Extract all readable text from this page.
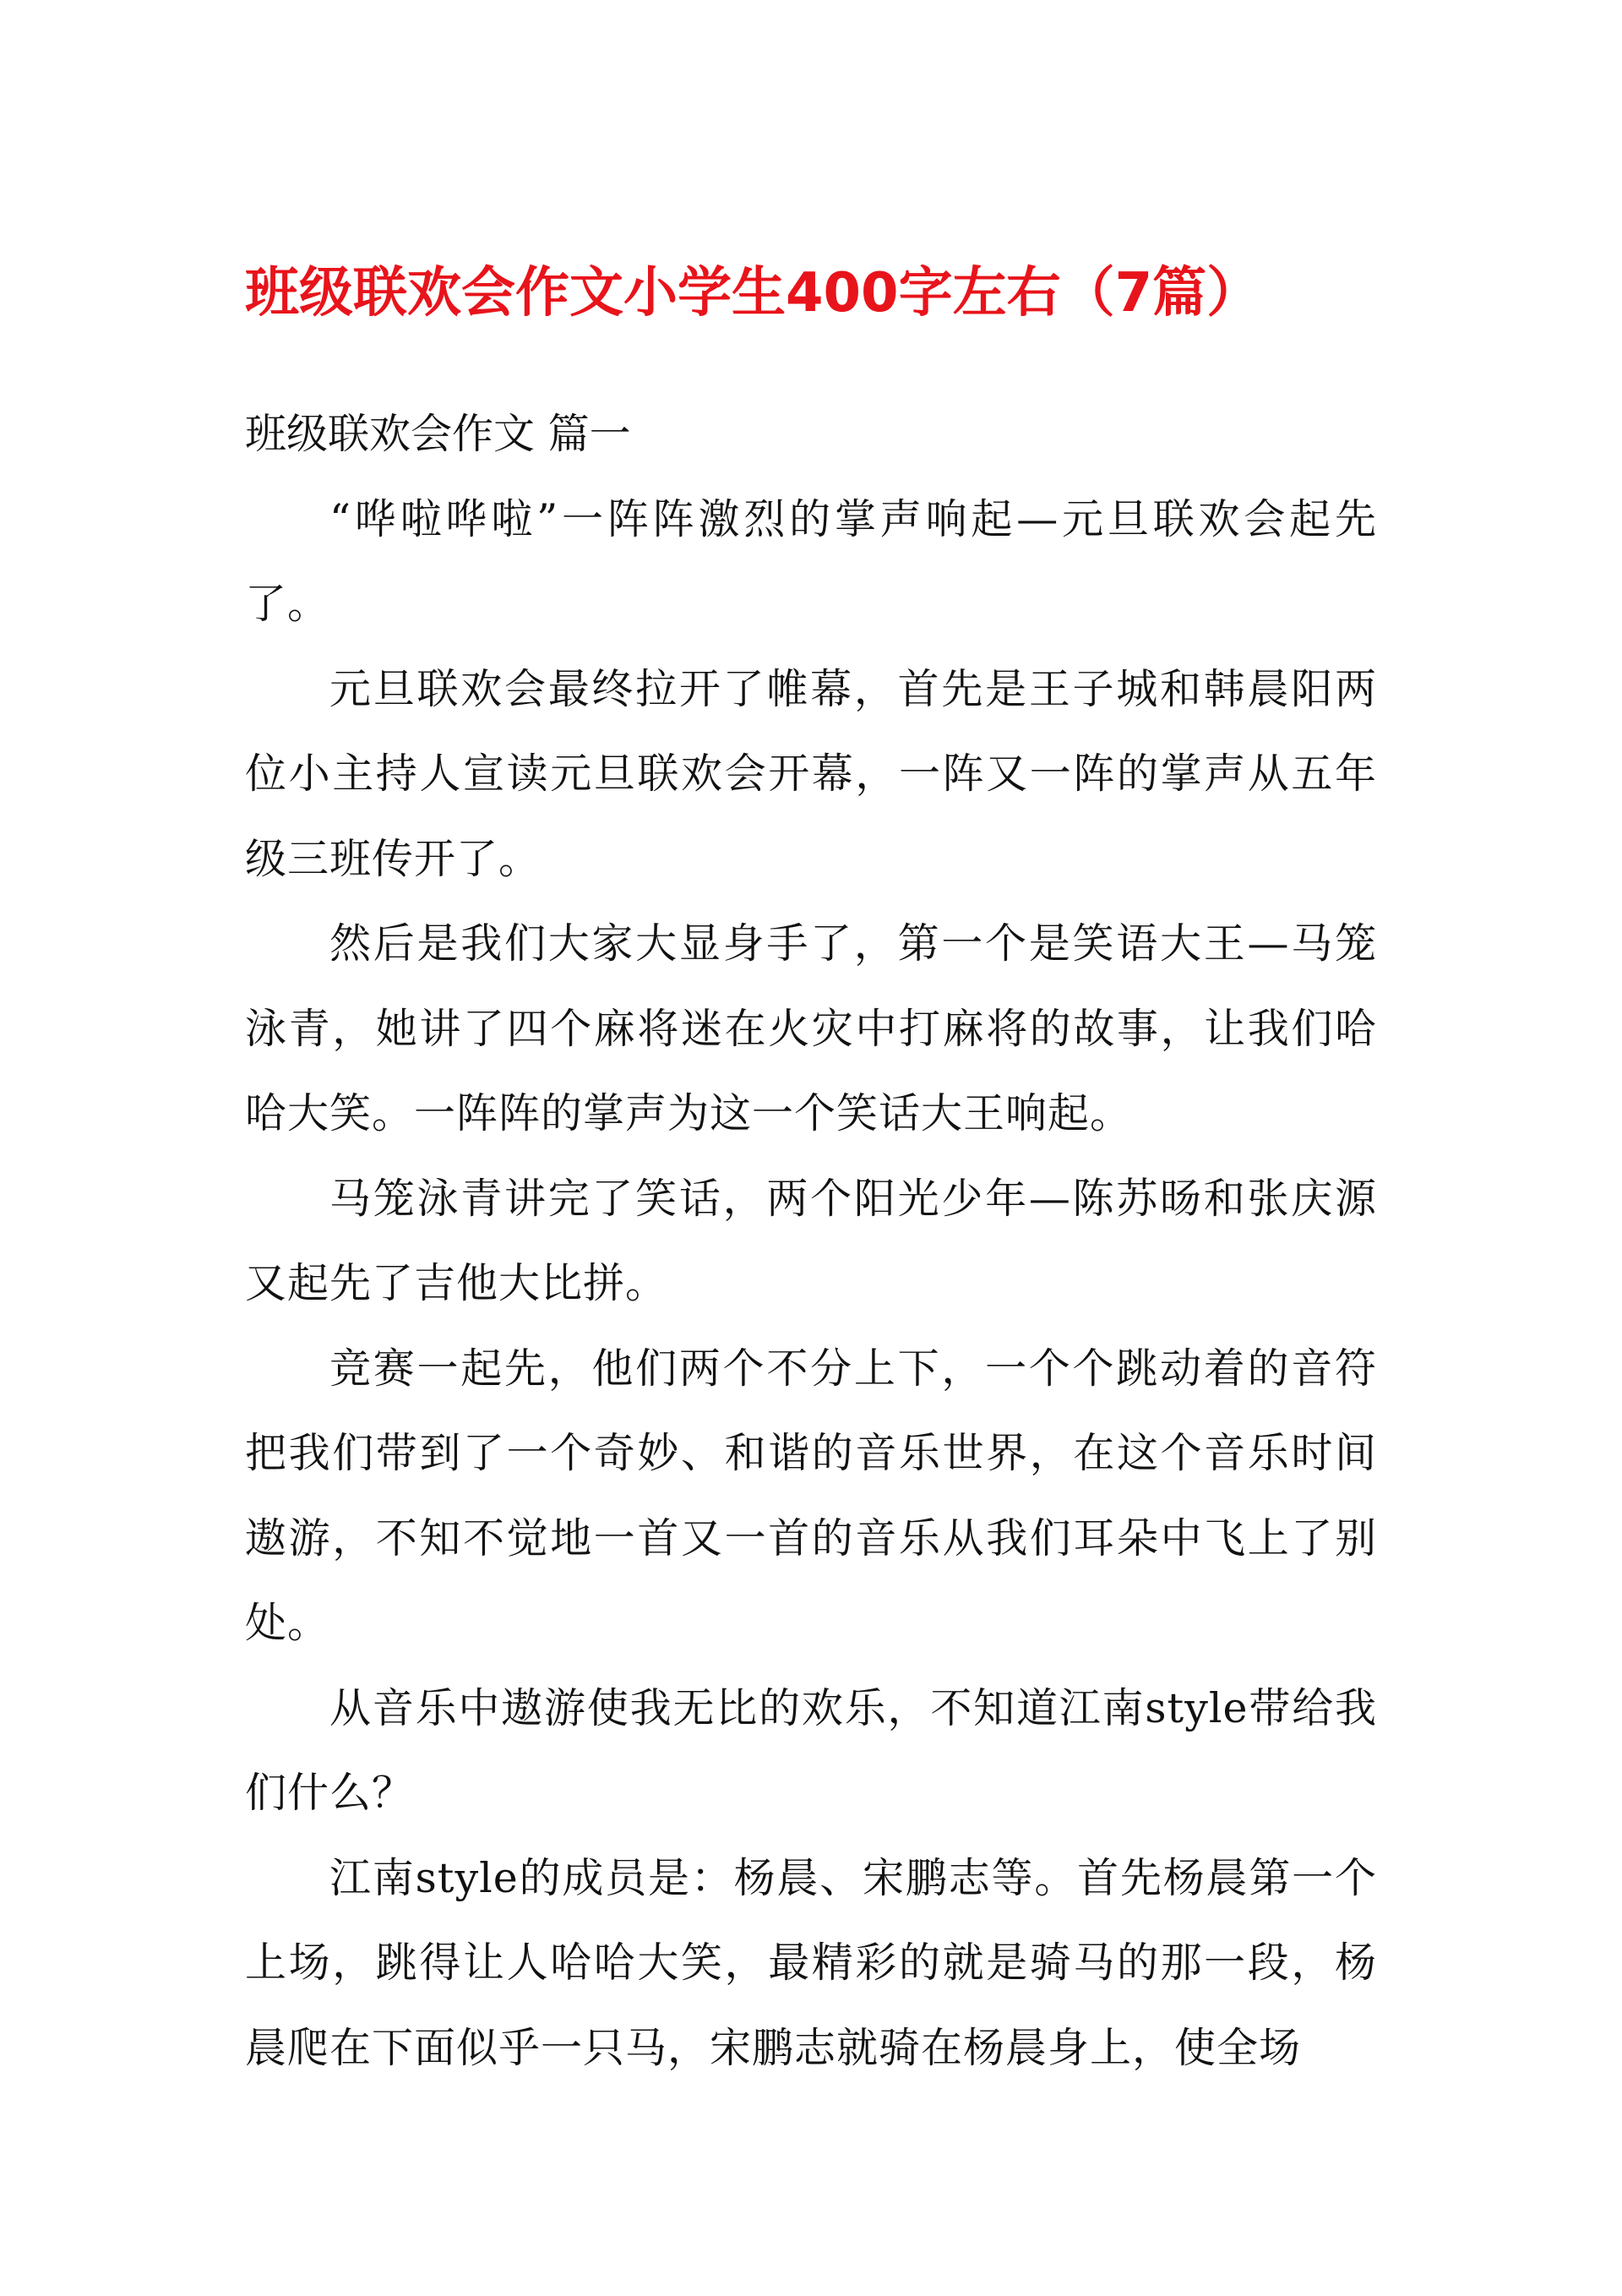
班级联欢会作文小学生400字左右（7篇）
班级联欢会作文 篇一

“哗啦哗啦”一阵阵激烈的掌声响起—元旦联欢会起先了。

元旦联欢会最终拉开了帷幕，首先是王子城和韩晨阳两位小主持人宣读元旦联欢会开幕，一阵又一阵的掌声从五年级三班传开了。

然后是我们大家大显身手了，第一个是笑语大王—马笼泳青，她讲了四个麻将迷在火灾中打麻将的故事，让我们哈哈大笑。一阵阵的掌声为这一个笑话大王响起。

马笼泳青讲完了笑话，两个阳光少年—陈苏旸和张庆源又起先了吉他大比拼。

竞赛一起先，他们两个不分上下，一个个跳动着的音符把我们带到了一个奇妙、和谐的音乐世界，在这个音乐时间遨游，不知不觉地一首又一首的音乐从我们耳朵中飞上了别处。

从音乐中遨游使我无比的欢乐，不知道江南style带给我们什么？

江南style的成员是：杨晨、宋鹏志等。首先杨晨第一个上场，跳得让人哈哈大笑，最精彩的就是骑马的那一段，杨晨爬在下面似乎一只马，宋鹏志就骑在杨晨身上，使全场
